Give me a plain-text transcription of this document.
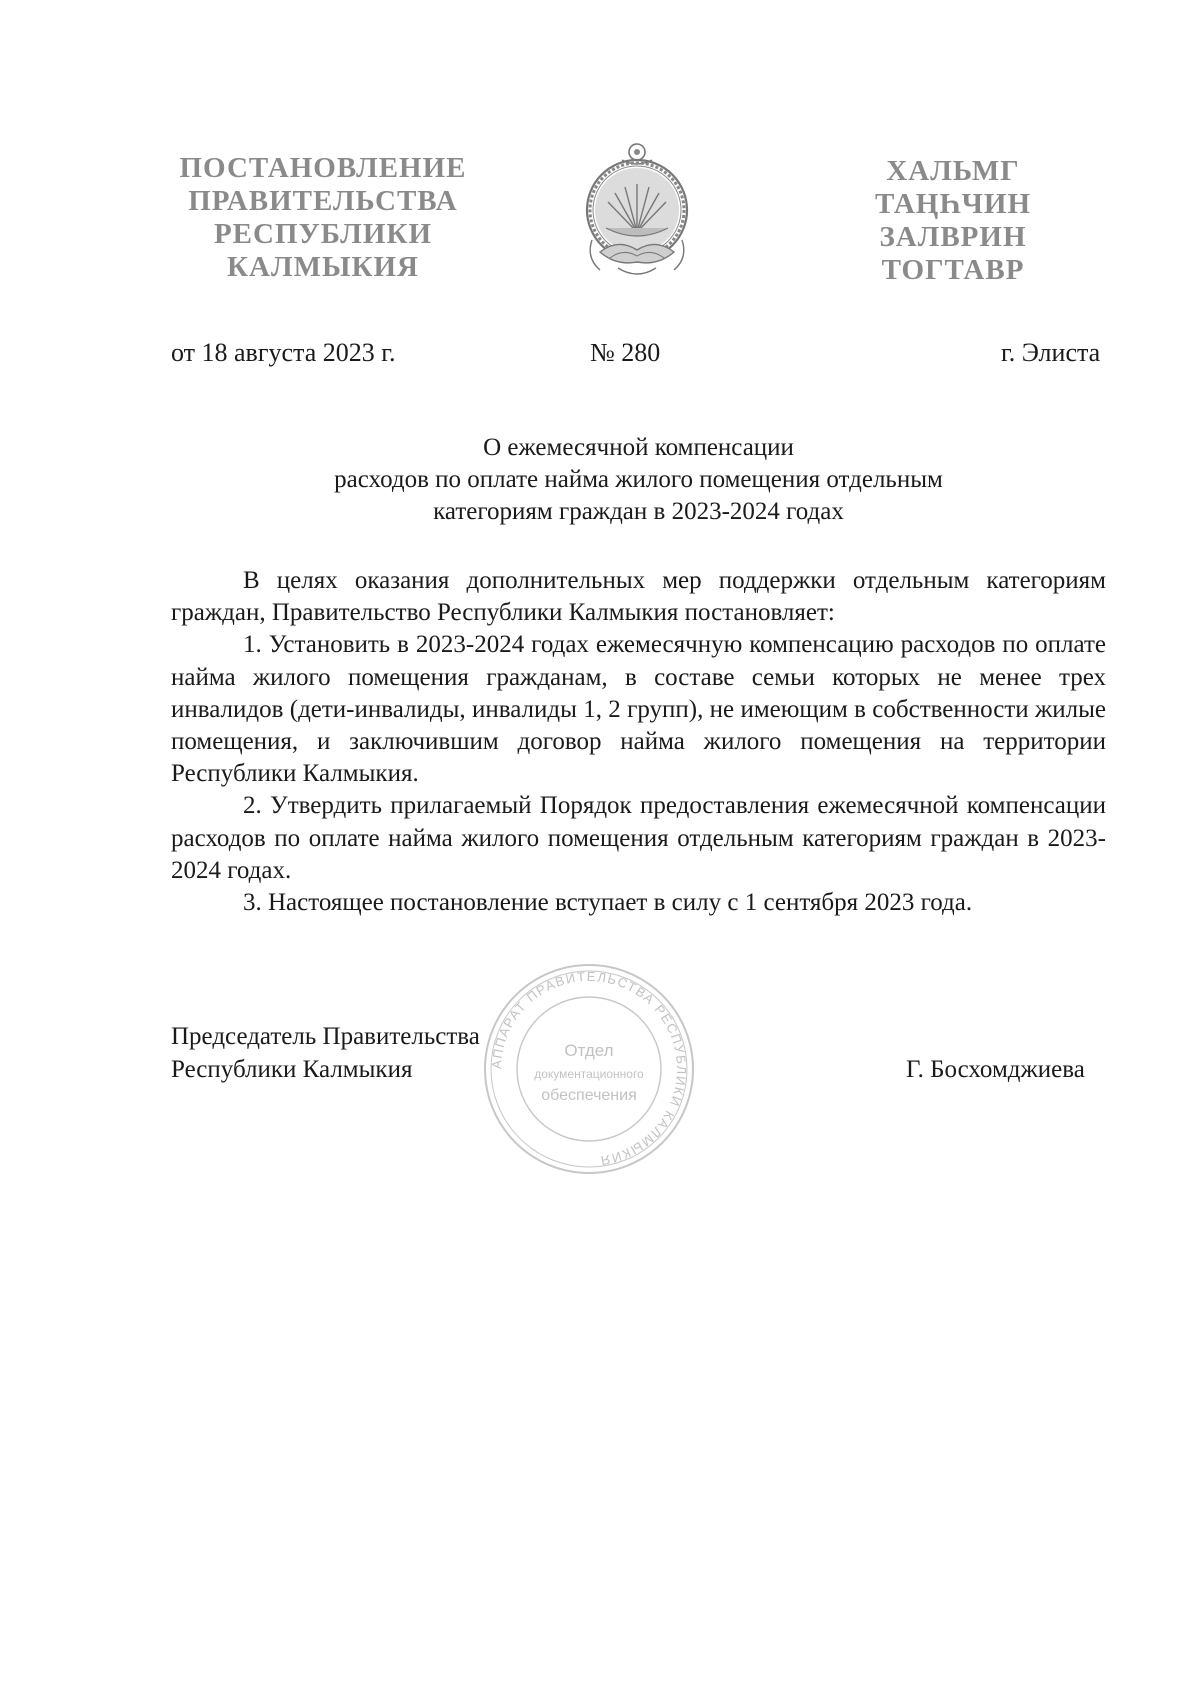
ПОСТАНОВЛЕНИЕ
ПРАВИТЕЛЬСТВА
РЕСПУБЛИКИ
КАЛМЫКИЯ
ХАЛЬМГ
ТАҢҺЧИН
ЗАЛВРИН
ТОГТАВР
от 18 августа 2023 г.	№ 280	г. Элиста
О ежемесячной компенсации
расходов по оплате найма жилого помещения отдельным
категориям граждан в 2023-2024 годах

В целях оказания дополнительных мер поддержки отдельным категориям граждан, Правительство Республики Калмыкия постановляет:

1. Установить в 2023-2024 годах ежемесячную компенсацию расходов по оплате найма жилого помещения гражданам, в составе семьи которых не менее трех инвалидов (дети-инвалиды, инвалиды 1, 2 групп), не имеющим в собственности жилые помещения, и заключившим договор найма жилого помещения на территории Республики Калмыкия.

2. Утвердить прилагаемый Порядок предоставления ежемесячной компенсации расходов по оплате найма жилого помещения отдельным категориям граждан в 2023-2024 годах.

3. Настоящее постановление вступает в силу с 1 сентября 2023 года.

АППАРАТ ПРАВИТЕЛЬСТВА РЕСПУБЛИКИ КАЛМЫКИЯ
Отдел
документационного
обеспечения
Председатель Правительства
Республики Калмыкия	Г. Босхомджиева
